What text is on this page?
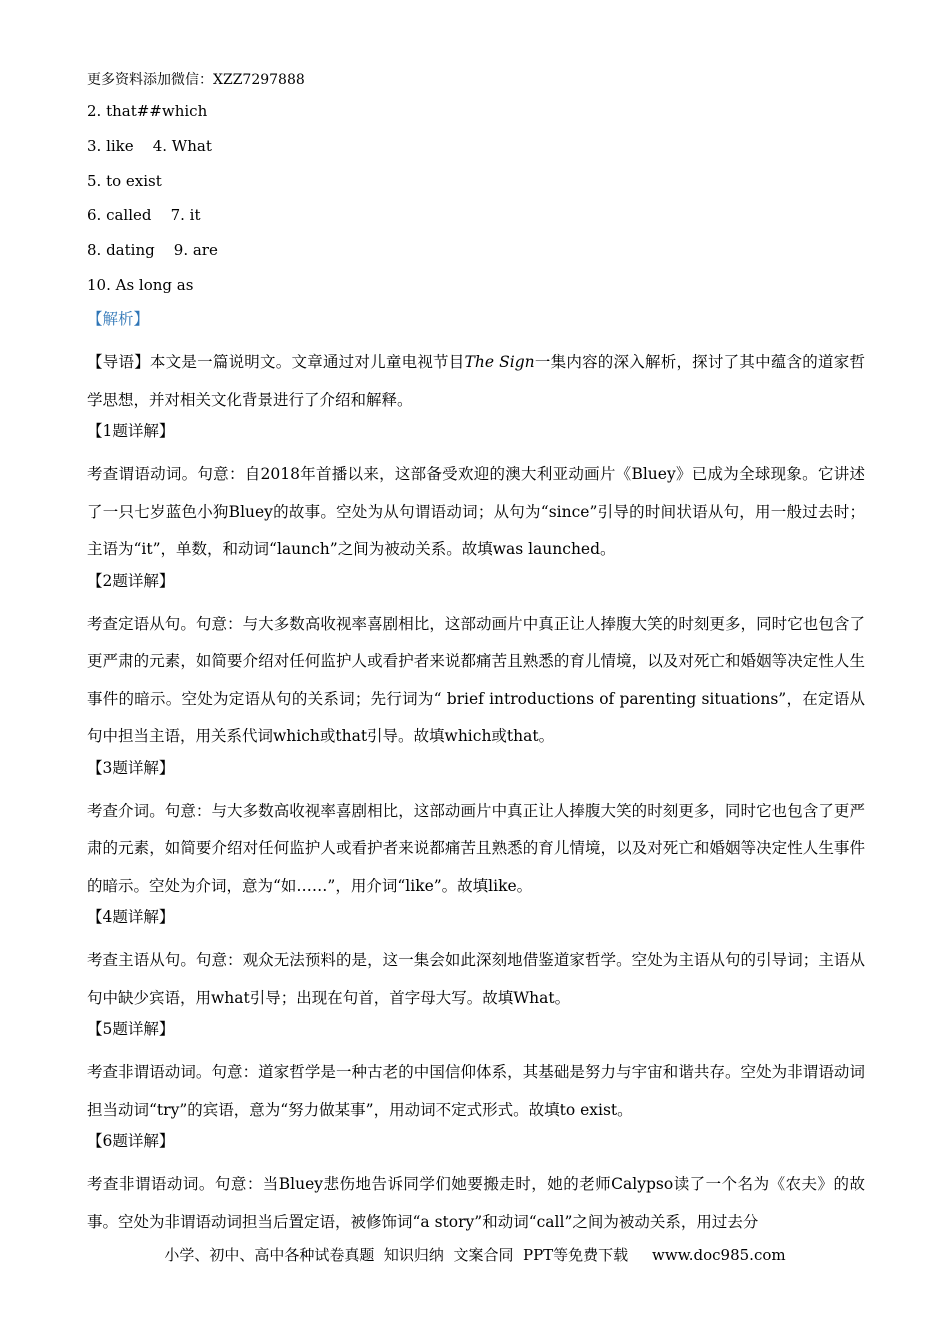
更多资料添加微信：XZZ7297888
2. that##which
3. like    4. What
5. to exist
6. called    7. it
8. dating    9. are
10. As long as
【解析】

【导语】本文是一篇说明文。文章通过对儿童电视节目The Sign一集内容的深入解析，探讨了其中蕴含的道家哲学思想，并对相关文化背景进行了介绍和解释。

【1题详解】

考查谓语动词。句意：自2018年首播以来，这部备受欢迎的澳大利亚动画片《Bluey》已成为全球现象。它讲述了一只七岁蓝色小狗Bluey的故事。空处为从句谓语动词；从句为“since”引导的时间状语从句，用一般过去时；主语为“it”，单数，和动词“launch”之间为被动关系。故填was launched。

【2题详解】

考查定语从句。句意：与大多数高收视率喜剧相比，这部动画片中真正让人捧腹大笑的时刻更多，同时它也包含了更严肃的元素，如简要介绍对任何监护人或看护者来说都痛苦且熟悉的育儿情境，以及对死亡和婚姻等决定性人生事件的暗示。空处为定语从句的关系词；先行词为“ brief introductions of parenting situations”，在定语从句中担当主语，用关系代词which或that引导。故填which或that。

【3题详解】

考查介词。句意：与大多数高收视率喜剧相比，这部动画片中真正让人捧腹大笑的时刻更多，同时它也包含了更严肃的元素，如简要介绍对任何监护人或看护者来说都痛苦且熟悉的育儿情境，以及对死亡和婚姻等决定性人生事件的暗示。空处为介词，意为“如……”，用介词“like”。故填like。

【4题详解】

考查主语从句。句意：观众无法预料的是，这一集会如此深刻地借鉴道家哲学。空处为主语从句的引导词；主语从句中缺少宾语，用what引导；出现在句首，首字母大写。故填What。

【5题详解】

考查非谓语动词。句意：道家哲学是一种古老的中国信仰体系，其基础是努力与宇宙和谐共存。空处为非谓语动词担当动词“try”的宾语，意为“努力做某事”，用动词不定式形式。故填to exist。

【6题详解】

考查非谓语动词。句意：当Bluey悲伤地告诉同学们她要搬走时，她的老师Calypso读了一个名为《农夫》的故事。空处为非谓语动词担当后置定语，被修饰词“a story”和动词“call”之间为被动关系，用过去分

小学、初中、高中各种试卷真题  知识归纳  文案合同  PPT等免费下载     www.doc985.com
